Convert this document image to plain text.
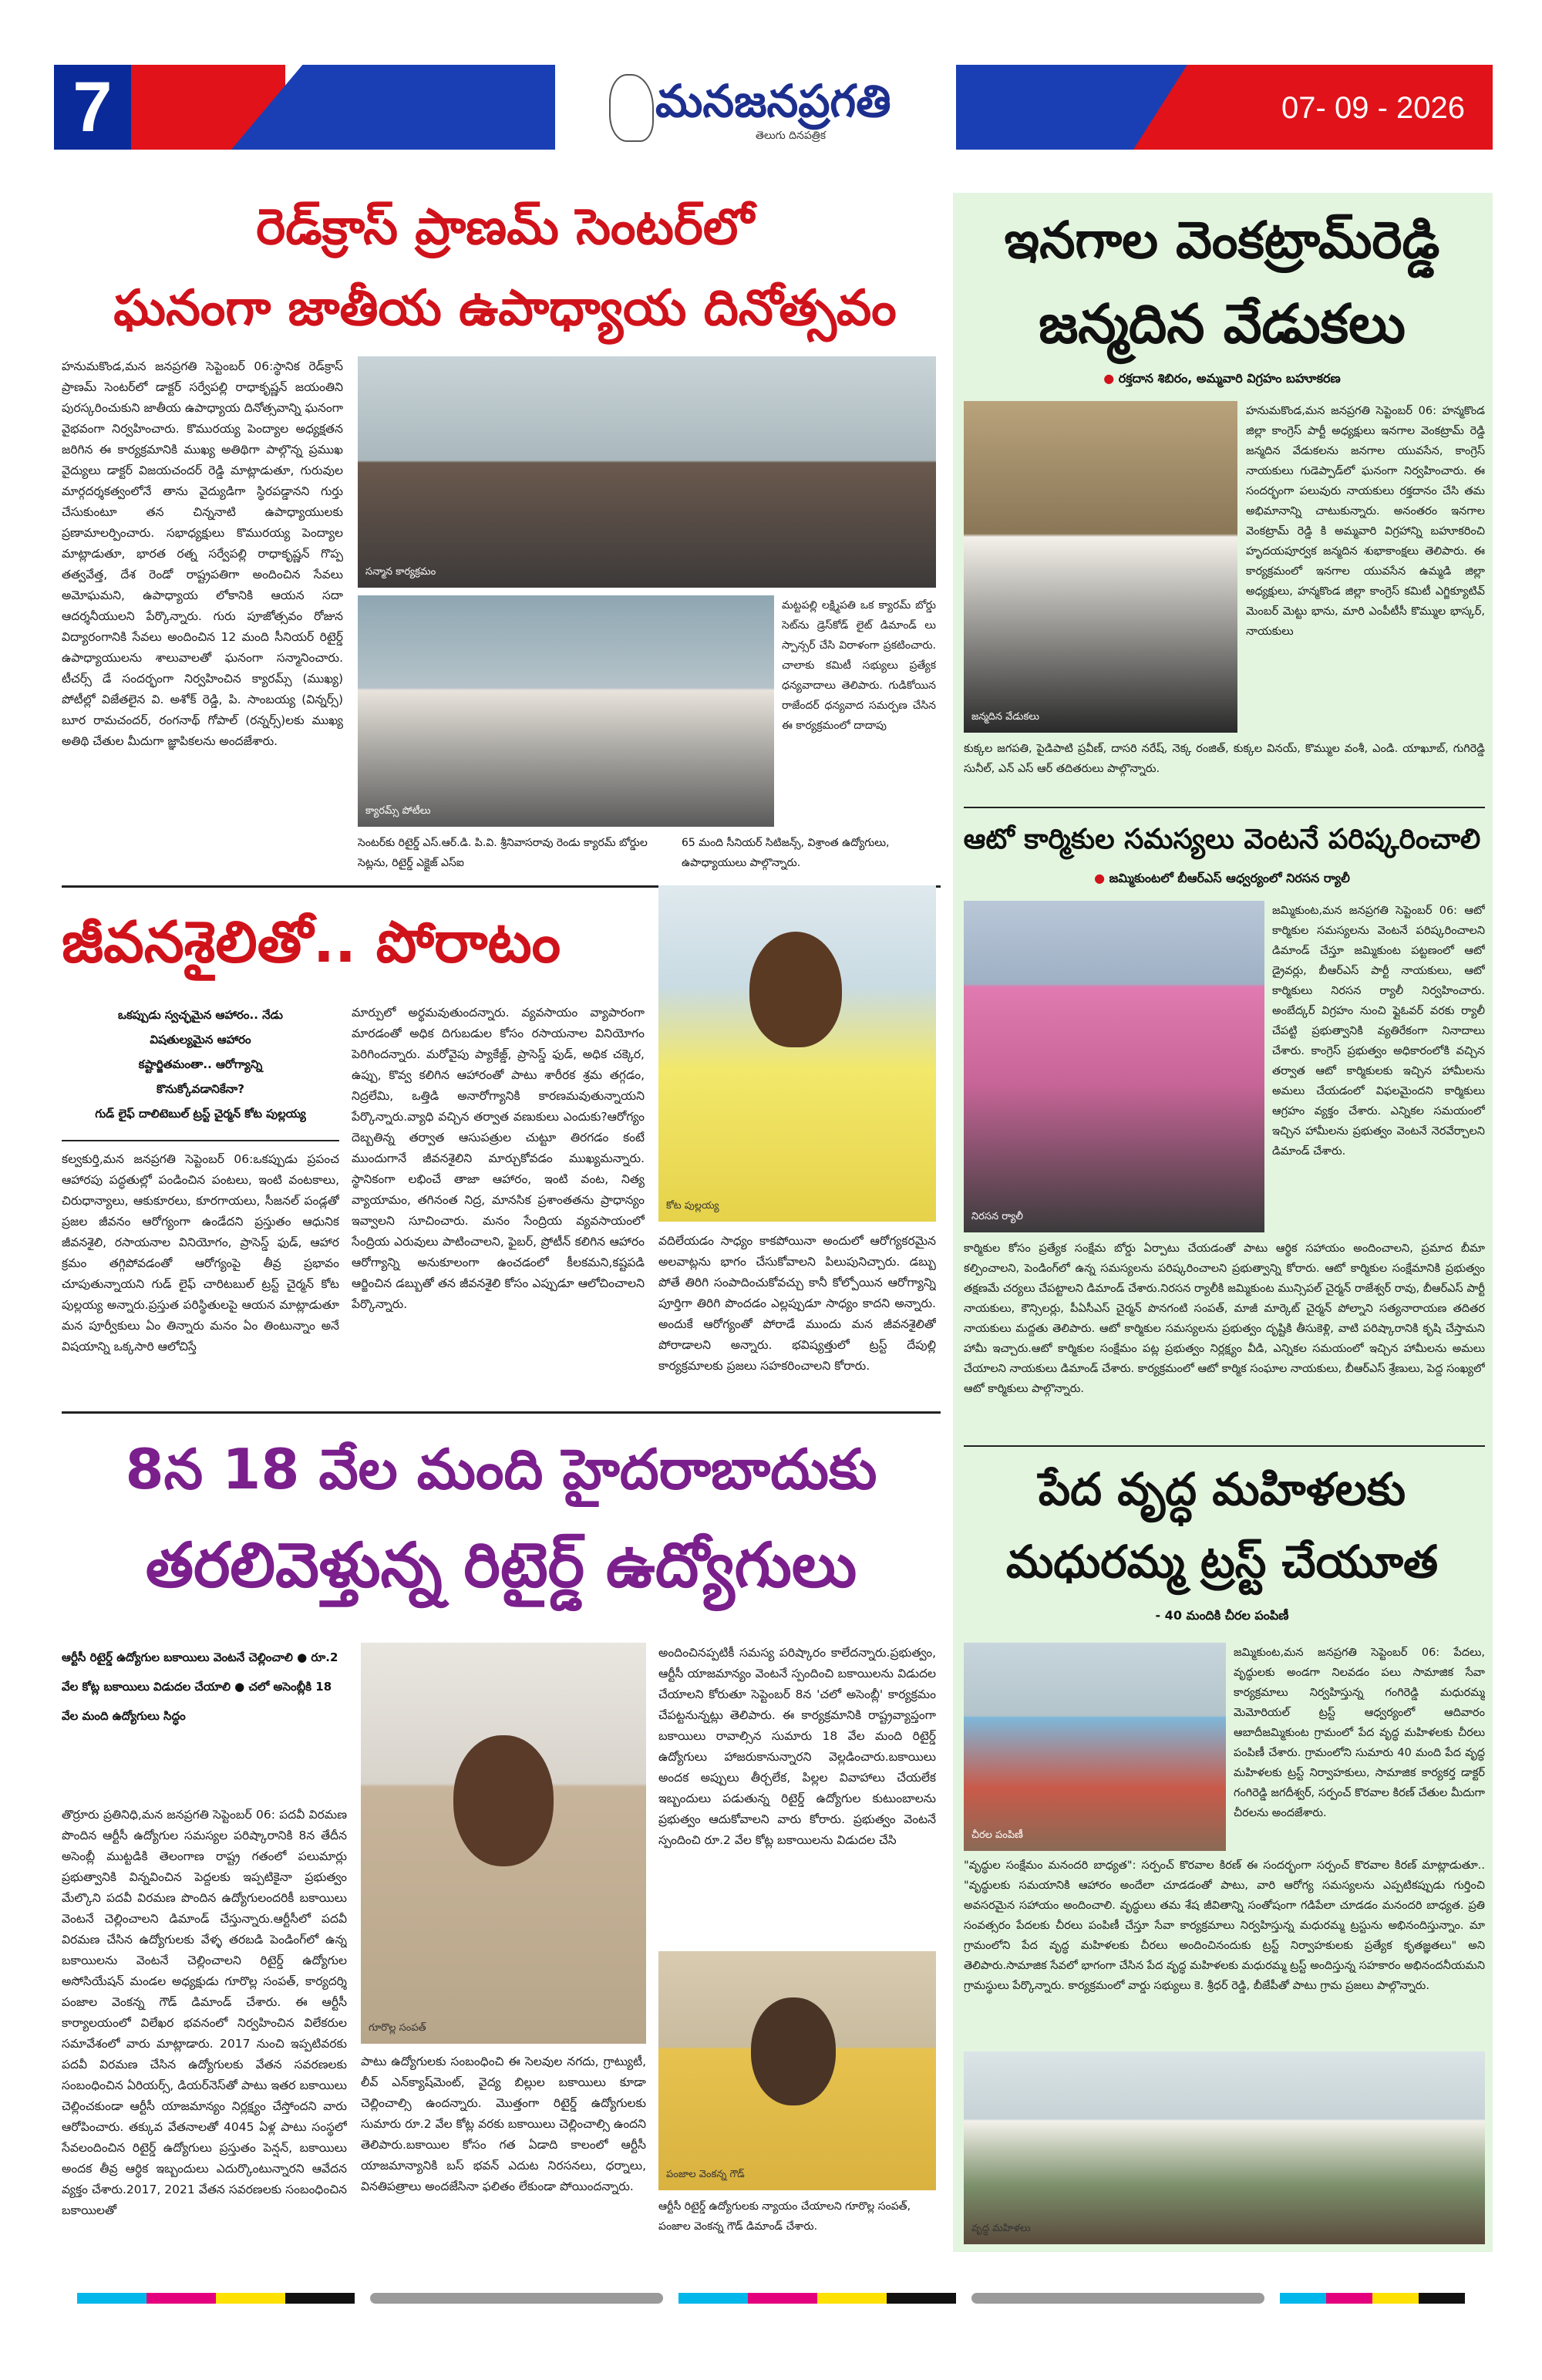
7	మనజనప్రగతి
తెలుగు దినపత్రిక
07- 09 - 2026
రెడ్‌క్రాస్ ప్రాణమ్ సెంటర్‌లో
ఘనంగా జాతీయ ఉపాధ్యాయ దినోత్సవం
హనుమకొండ,మన జనప్రగతి సెప్టెంబర్ 06:స్థానిక రెడ్‌క్రాస్ ప్రాణమ్ సెంటర్‌లో డాక్టర్ సర్వేపల్లి రాధాకృష్ణన్ జయంతిని పురస్కరించుకుని జాతీయ ఉపాధ్యాయ దినోత్సవాన్ని ఘనంగా వైభవంగా నిర్వహించారు. కొమురయ్య పెంద్యాల అధ్యక్షతన జరిగిన ఈ కార్యక్రమానికి ముఖ్య అతిథిగా పాల్గొన్న ప్రముఖ వైద్యులు డాక్టర్ విజయచందర్ రెడ్డి మాట్లాడుతూ, గురువుల మార్గదర్శకత్వంలోనే తాను వైద్యుడిగా స్థిరపడ్డానని గుర్తు చేసుకుంటూ తన చిన్ననాటి ఉపాధ్యాయులకు ప్రణామాలర్పించారు. సభాధ్యక్షులు కొమురయ్య పెంద్యాల మాట్లాడుతూ, భారత రత్న సర్వేపల్లి రాధాకృష్ణన్ గొప్ప తత్వవేత్త, దేశ రెండో రాష్ట్రపతిగా అందించిన సేవలు అమోఘమని, ఉపాధ్యాయ లోకానికి ఆయన సదా ఆదర్శనీయులని పేర్కొన్నారు. గురు పూజోత్సవం రోజున విద్యారంగానికి సేవలు అందించిన 12 మంది సీనియర్ రిటైర్డ్ ఉపాధ్యాయులను శాలువాలతో ఘనంగా సన్మానించారు. టీచర్స్ డే సందర్భంగా నిర్వహించిన క్యారమ్స్ (ముఖ్య) పోటీల్లో విజేతలైన వి. అశోక్ రెడ్డి, పి. సాంబయ్య (విన్నర్స్) బూర రామచందర్, రంగనాథ్ గోపాల్ (రన్నర్స్)లకు ముఖ్య అతిథి చేతుల మీదుగా జ్ఞాపికలను అందజేశారు.
సన్మాన కార్యక్రమం
క్యారమ్స్ పోటీలు
మట్టపల్లి లక్ష్మిపతి ఒక క్యారమ్ బోర్డు సెట్‌ను డ్రెస్‌కోడ్ లైట్ డిమాండ్ లు స్పాన్సర్ చేసి విరాళంగా ప్రకటించారు. చాలాకు కమిటీ సభ్యులు ప్రత్యేక ధన్యవాదాలు తెలిపారు. గుడికోయిన రాజేందర్ ధన్యవాద సమర్పణ చేసిన ఈ కార్యక్రమంలో దాదాపు
సెంటర్‌కు రిటైర్డ్ ఎస్.ఆర్.డి. పి.వి. శ్రీనివాసరావు రెండు క్యారమ్ బోర్డుల సెట్లను, రిటైర్డ్ ఎక్షైజ్ ఎస్‌ఐ
65 మంది సీనియర్ సిటిజన్స్, విశ్రాంత ఉద్యోగులు, ఉపాధ్యాయులు పాల్గొన్నారు.
జీవనశైలితో.. పోరాటం
ఒకప్పుడు స్వచ్ఛమైన ఆహారం.. నేడు
విషతుల్యమైన ఆహారం
కష్టార్జితమంతా.. ఆరోగ్యాన్ని
కొనుక్కోవడానికేనా?
గుడ్ లైఫ్ దాలిటెబుల్ ట్రస్ట్ చైర్మన్ కోట పుల్లయ్య
కల్వకుర్తి,మన జనప్రగతి సెప్టెంబర్ 06:ఒకప్పుడు ప్రపంచ ఆహారపు పద్ధతుల్లో పండించిన పంటలు, ఇంటి వంటకాలు, చిరుధాన్యాలు, ఆకుకూరలు, కూరగాయలు, సీజనల్ పండ్లతో ప్రజల జీవనం ఆరోగ్యంగా ఉండేదని ప్రస్తుతం ఆధునిక జీవనశైలి, రసాయనాల వినియోగం, ప్రాసెస్డ్ ఫుడ్, ఆహార క్రమం తగ్గిపోవడంతో ఆరోగ్యంపై తీవ్ర ప్రభావం చూపుతున్నాయని గుడ్ లైఫ్ చారిటబుల్ ట్రస్ట్ చైర్మన్ కోట పుల్లయ్య అన్నారు.ప్రస్తుత పరిస్థితులపై ఆయన మాట్లాడుతూ మన పూర్వీకులు ఏం తిన్నారు మనం ఏం తింటున్నాం అనే విషయాన్ని ఒక్కసారి ఆలోచిస్తే
మార్పులో అర్థమవుతుందన్నారు. వ్యవసాయం వ్యాపారంగా మారడంతో అధిక దిగుబడుల కోసం రసాయనాల వినియోగం పెరిగిందన్నారు. మరోవైపు ప్యాకేజ్డ్, ప్రాసెస్డ్ ఫుడ్, అధిక చక్కెర, ఉప్పు, కొవ్వ కలిగిన ఆహారంతో పాటు శారీరక శ్రమ తగ్గడం, నిద్రలేమి, ఒత్తిడి అనారోగ్యానికి కారణమవుతున్నాయని పేర్కొన్నారు.వ్యాధి వచ్చిన తర్వాత వణుకులు ఎందుకు?ఆరోగ్యం దెబ్బతిన్న తర్వాత ఆసుపత్రుల చుట్టూ తిరగడం కంటే ముందుగానే జీవనశైలిని మార్చుకోవడం ముఖ్యమన్నారు. స్థానికంగా లభించే తాజా ఆహారం, ఇంటి వంట, నిత్య వ్యాయామం, తగినంత నిద్ర, మానసిక ప్రశాంతతను ప్రాధాన్యం ఇవ్వాలని సూచించారు. మనం సేంద్రియ వ్యవసాయంలో సేంద్రియ ఎరువులు పాటించాలని, ఫైబర్, ప్రోటీన్ కలిగిన ఆహారం ఆరోగ్యాన్ని అనుకూలంగా ఉంచడంలో కీలకమని,కష్టపడి ఆర్జించిన డబ్బుతో తన జీవనశైలి కోసం ఎప్పుడూ ఆలోచించాలని పేర్కొన్నారు.
కోట పుల్లయ్య
వదిలేయడం సాధ్యం కాకపోయినా అందులో ఆరోగ్యకరమైన అలవాట్లను భాగం చేసుకోవాలని పిలుపునిచ్చారు. డబ్బు పోతే తిరిగి సంపాదించుకోవచ్చు కానీ కోల్పోయిన ఆరోగ్యాన్ని పూర్తిగా తిరిగి పొందడం ఎల్లప్పుడూ సాధ్యం కాదని అన్నారు. అందుకే ఆరోగ్యంతో పోరాడే ముందు మన జీవనశైలితో పోరాడాలని అన్నారు. భవిష్యత్తులో ట్రస్ట్ దేపుల్లి కార్యక్రమాలకు ప్రజలు సహకరించాలని కోరారు.
8న 18 వేల మంది హైదరాబాదుకు
తరలివెళ్తున్న రిటైర్డ్ ఉద్యోగులు
ఆర్టీసీ రిటైర్డ్ ఉద్యోగుల బకాయిలు వెంటనే చెల్లించాలి ● రూ.2 వేల కోట్ల బకాయిలు విడుదల చేయాలి ● చలో అసెంబ్లీకి 18 వేల మంది ఉద్యోగులు సిద్ధం
తొర్రూరు ప్రతినిధి,మన జనప్రగతి సెప్టెంబర్ 06: పదవీ విరమణ పొందిన ఆర్టీసీ ఉద్యోగుల సమస్యల పరిష్కారానికి 8న తేదీన అసెంబ్లీ ముట్టడికి తెలంగాణ రాష్ట్ర గతంలో పలుమార్లు ప్రభుత్వానికి విన్నవించిన పెద్దలకు ఇప్పటికైనా ప్రభుత్వం మేల్కొని పదవీ విరమణ పొందిన ఉద్యోగులందరికీ బకాయిలు వెంటనే చెల్లించాలని డిమాండ్ చేస్తున్నారు.ఆర్టీసీలో పదవీ విరమణ చేసిన ఉద్యోగులకు వేళ్ళ తరబడి పెండింగ్‌లో ఉన్న బకాయిలను వెంటనే చెల్లించాలని రిటైర్డ్ ఉద్యోగుల అసోసియేషన్ మండల అధ్యక్షుడు గూరొల్ల సంపత్, కార్యదర్శి పంజాల వెంకన్న గౌడ్ డిమాండ్ చేశారు. ఈ ఆర్టీసీ కార్యాలయంలో విలేఖర భవనంలో నిర్వహించిన విలేకరుల సమావేశంలో వారు మాట్లాడారు. 2017 నుంచి ఇప్పటివరకు పదవీ విరమణ చేసిన ఉద్యోగులకు వేతన సవరణలకు సంబంధించిన ఏరియర్స్, డియర్‌నెస్‌తో పాటు ఇతర బకాయిలు చెల్లించకుండా ఆర్టీసీ యాజమాన్యం నిర్లక్ష్యం చేస్తోందని వారు ఆరోపించారు. తక్కువ వేతనాలతో 4045 ఏళ్ల పాటు సంస్థలో సేవలందించిన రిటైర్డ్ ఉద్యోగులు ప్రస్తుతం పెన్షన్, బకాయిలు అందక తీవ్ర ఆర్థిక ఇబ్బందులు ఎదుర్కొంటున్నారని ఆవేదన వ్యక్తం చేశారు.2017, 2021 వేతన సవరణలకు సంబంధించిన బకాయిలతో
గూరొల్ల సంపత్
పాటు ఉద్యోగులకు సంబంధించి ఈ సెలవుల నగదు, గ్రాట్యుటీ, లీవ్ ఎన్‌క్యాష్‌మెంట్, వైద్య బిల్లుల బకాయిలు కూడా చెల్లించాల్సి ఉందన్నారు. మొత్తంగా రిటైర్డ్ ఉద్యోగులకు సుమారు రూ.2 వేల కోట్ల వరకు బకాయిలు చెల్లించాల్సి ఉందని తెలిపారు.బకాయిల కోసం గత ఏడాది కాలంలో ఆర్టీసీ యాజమాన్యానికి బస్ భవన్ ఎదుట నిరసనలు, ధర్నాలు, వినతిపత్రాలు అందజేసినా ఫలితం లేకుండా పోయిందన్నారు.
అందించినప్పటికీ సమస్య పరిష్కారం కాలేదన్నారు.ప్రభుత్వం, ఆర్టీసీ యాజమాన్యం వెంటనే స్పందించి బకాయిలను విడుదల చేయాలని కోరుతూ సెప్టెంబర్ 8న 'చలో అసెంబ్లీ' కార్యక్రమం చేపట్టనున్నట్లు తెలిపారు. ఈ కార్యక్రమానికి రాష్ట్రవ్యాప్తంగా బకాయిలు రావాల్సిన సుమారు 18 వేల మంది రిటైర్డ్ ఉద్యోగులు హాజరుకానున్నారని వెల్లడించారు.బకాయిలు అందక అప్పులు తీర్చలేక, పిల్లల వివాహాలు చేయలేక ఇబ్బందులు పడుతున్న రిటైర్డ్ ఉద్యోగుల కుటుంబాలను ప్రభుత్వం ఆదుకోవాలని వారు కోరారు. ప్రభుత్వం వెంటనే స్పందించి రూ.2 వేల కోట్ల బకాయిలను విడుదల చేసి
పంజాల వెంకన్న గౌడ్
ఆర్టీసీ రిటైర్డ్ ఉద్యోగులకు న్యాయం చేయాలని గూరొల్ల సంపత్, పంజాల వెంకన్న గౌడ్ డిమాండ్ చేశారు.
ఇనగాల వెంకట్రామ్‌రెడ్డి
జన్మదిన వేడుకలు
● రక్తదాన శిబిరం, అమ్మవారి విగ్రహం బహూకరణ
జన్మదిన వేడుకలు
హనుమకొండ,మన జనప్రగతి సెప్టెంబర్ 06: హన్మకొండ జిల్లా కాంగ్రెస్ పార్టీ అధ్యక్షులు ఇనగాల వెంకట్రామ్ రెడ్డి జన్మదిన వేడుకలను జనగాల యువసేన, కాంగ్రెస్ నాయకులు గుడెప్పాడ్‌లో ఘనంగా నిర్వహించారు. ఈ సందర్భంగా పలువురు నాయకులు రక్తదానం చేసి తమ అభిమానాన్ని చాటుకున్నారు. అనంతరం ఇనగాల వెంకట్రామ్ రెడ్డి కి అమ్మవారి విగ్రహాన్ని బహూకరించి హృదయపూర్వక జన్మదిన శుభాకాంక్షలు తెలిపారు. ఈ కార్యక్రమంలో ఇనగాల యువసేన ఉమ్మడి జిల్లా అధ్యక్షులు, హన్మకొండ జిల్లా కాంగ్రెస్ కమిటీ ఎగ్జిక్యూటివ్ మెంబర్ మెట్టు భాను, మారి ఎంపీటీసీ కొమ్ముల భాస్కర్, నాయకులు
కుక్కల జగపతి, పైడిపాటి ప్రవీణ్, దాసరి నరేష్, నెక్క రంజిత్, కుక్కల వినయ్, కొమ్ముల వంశీ, ఎండి. యాఖూబ్, గుగిరెడ్డి సునీల్, ఎన్ ఎస్ ఆర్ తదితరులు పాల్గొన్నారు.
ఆటో కార్మికుల సమస్యలు వెంటనే పరిష్కరించాలి
● జమ్మికుంటలో బీఆర్‌ఎస్ ఆధ్వర్యంలో నిరసన ర్యాలీ
నిరసన ర్యాలీ
జమ్మికుంట,మన జనప్రగతి సెప్టెంబర్ 06: ఆటో కార్మికుల సమస్యలను వెంటనే పరిష్కరించాలని డిమాండ్ చేస్తూ జమ్మికుంట పట్టణంలో ఆటో డ్రైవర్లు, బీఆర్‌ఎస్ పార్టీ నాయకులు, ఆటో కార్మికులు నిరసన ర్యాలీ నిర్వహించారు. అంబేద్కర్ విగ్రహం నుంచి ఫ్లైఓవర్ వరకు ర్యాలీ చేపట్టి ప్రభుత్వానికి వ్యతిరేకంగా నినాదాలు చేశారు. కాంగ్రెస్ ప్రభుత్వం అధికారంలోకి వచ్చిన తర్వాత ఆటో కార్మికులకు ఇచ్చిన హామీలను అమలు చేయడంలో విఫలమైందని కార్మికులు ఆగ్రహం వ్యక్తం చేశారు. ఎన్నికల సమయంలో ఇచ్చిన హామీలను ప్రభుత్వం వెంటనే నెరవేర్చాలని డిమాండ్ చేశారు.
కార్మికుల కోసం ప్రత్యేక సంక్షేమ బోర్డు ఏర్పాటు చేయడంతో పాటు ఆర్థిక సహాయం అందించాలని, ప్రమాద బీమా కల్పించాలని, పెండింగ్‌లో ఉన్న సమస్యలను పరిష్కరించాలని ప్రభుత్వాన్ని కోరారు. ఆటో కార్మికుల సంక్షేమానికి ప్రభుత్వం తక్షణమే చర్యలు చేపట్టాలని డిమాండ్ చేశారు.నిరసన ర్యాలీకి జమ్మికుంట మున్సిపల్ చైర్మన్ రాజేశ్వర్ రావు, బీఆర్‌ఎస్ పార్టీ నాయకులు, కౌన్సిలర్లు, పీఏసీఎస్ చైర్మన్ పొనగంటి సంపత్, మాజీ మార్కెట్ చైర్మన్ పోల్నాని సత్యనారాయణ తదితర నాయకులు మద్దతు తెలిపారు. ఆటో కార్మికుల సమస్యలను ప్రభుత్వం దృష్టికి తీసుకెళ్లి, వాటి పరిష్కారానికి కృషి చేస్తామని హామీ ఇచ్చారు.ఆటో కార్మికుల సంక్షేమం పట్ల ప్రభుత్వం నిర్లక్ష్యం వీడి, ఎన్నికల సమయంలో ఇచ్చిన హామీలను అమలు చేయాలని నాయకులు డిమాండ్ చేశారు. కార్యక్రమంలో ఆటో కార్మిక సంఘాల నాయకులు, బీఆర్‌ఎస్ శ్రేణులు, పెద్ద సంఖ్యలో ఆటో కార్మికులు పాల్గొన్నారు.
పేద వృద్ధ మహిళలకు
మధురమ్మ ట్రస్ట్ చేయూత
- 40 మందికి చీరల పంపిణీ
చీరల పంపిణీ
జమ్మికుంట,మన జనప్రగతి సెప్టెంబర్ 06: పేదలు, వృద్ధులకు అండగా నిలవడం పలు సామాజిక సేవా కార్యక్రమాలు నిర్వహిస్తున్న గంగిరెడ్డి మధురమ్మ మెమోరియల్ ట్రస్ట్ ఆధ్వర్యంలో ఆదివారం ఆబాదీజమ్మికుంట గ్రామంలో పేద వృద్ధ మహిళలకు చీరలు పంపిణీ చేశారు. గ్రామంలోని సుమారు 40 మంది పేద వృద్ధ మహిళలకు ట్రస్ట్ నిర్వాహకులు, సామాజిక కార్యకర్త డాక్టర్ గంగిరెడ్డి జగదీశ్వర్, సర్పంచ్ కొరవాల కిరణ్ చేతుల మీదుగా చీరలను అందజేశారు.
"వృద్ధుల సంక్షేమం మనందరి బాధ్యత": సర్పంచ్ కొరవాల కిరణ్ ఈ సందర్భంగా సర్పంచ్ కొరవాల కిరణ్ మాట్లాడుతూ.. "వృద్ధులకు సమయానికి ఆహారం అందేలా చూడడంతో పాటు, వారి ఆరోగ్య సమస్యలను ఎప్పటికప్పుడు గుర్తించి అవసరమైన సహాయం అందించాలి. వృద్ధులు తమ శేష జీవితాన్ని సంతోషంగా గడిపేలా చూడడం మనందరి బాధ్యత. ప్రతి సంవత్సరం పేదలకు చీరలు పంపిణీ చేస్తూ సేవా కార్యక్రమాలు నిర్వహిస్తున్న మధురమ్మ ట్రస్టును అభినందిస్తున్నాం. మా గ్రామంలోని పేద వృద్ధ మహిళలకు చీరలు అందించినందుకు ట్రస్ట్ నిర్వాహకులకు ప్రత్యేక కృతజ్ఞతలు" అని తెలిపారు.సామాజిక సేవలో భాగంగా చేసిన పేద వృద్ధ మహిళలకు మధురమ్మ ట్రస్ట్ అందిస్తున్న సహకారం అభినందనీయమని గ్రామస్థులు పేర్కొన్నారు. కార్యక్రమంలో వార్డు సభ్యులు కె. శ్రీధర్ రెడ్డి, బీజేపీతో పాటు గ్రామ ప్రజలు పాల్గొన్నారు.
వృద్ధ మహిళలు
